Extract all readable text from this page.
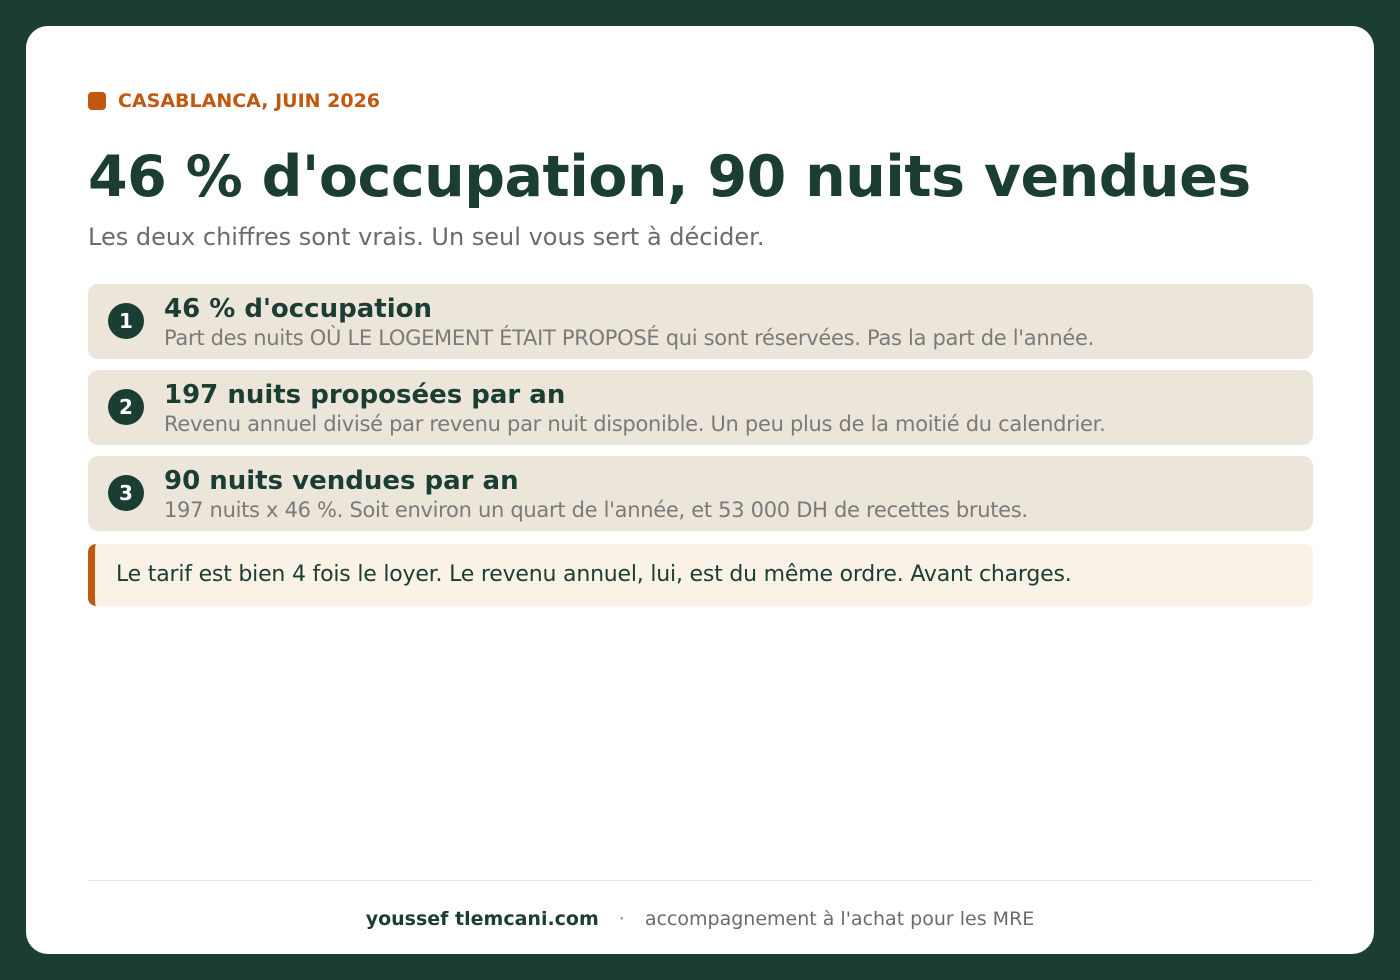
CASABLANCA, JUIN 2026
46 % d'occupation, 90 nuits vendues

Les deux chiffres sont vrais. Un seul vous sert à décider.

1	46 % d'occupation
Part des nuits OÙ LE LOGEMENT ÉTAIT PROPOSÉ qui sont réservées. Pas la part de l'année.
2	197 nuits proposées par an
Revenu annuel divisé par revenu par nuit disponible. Un peu plus de la moitié du calendrier.
3	90 nuits vendues par an
197 nuits x 46 %. Soit environ un quart de l'année, et 53 000 DH de recettes brutes.
Le tarif est bien 4 fois le loyer. Le revenu annuel, lui, est du même ordre. Avant charges.
youssef tlemcani.com · accompagnement à l'achat pour les MRE
